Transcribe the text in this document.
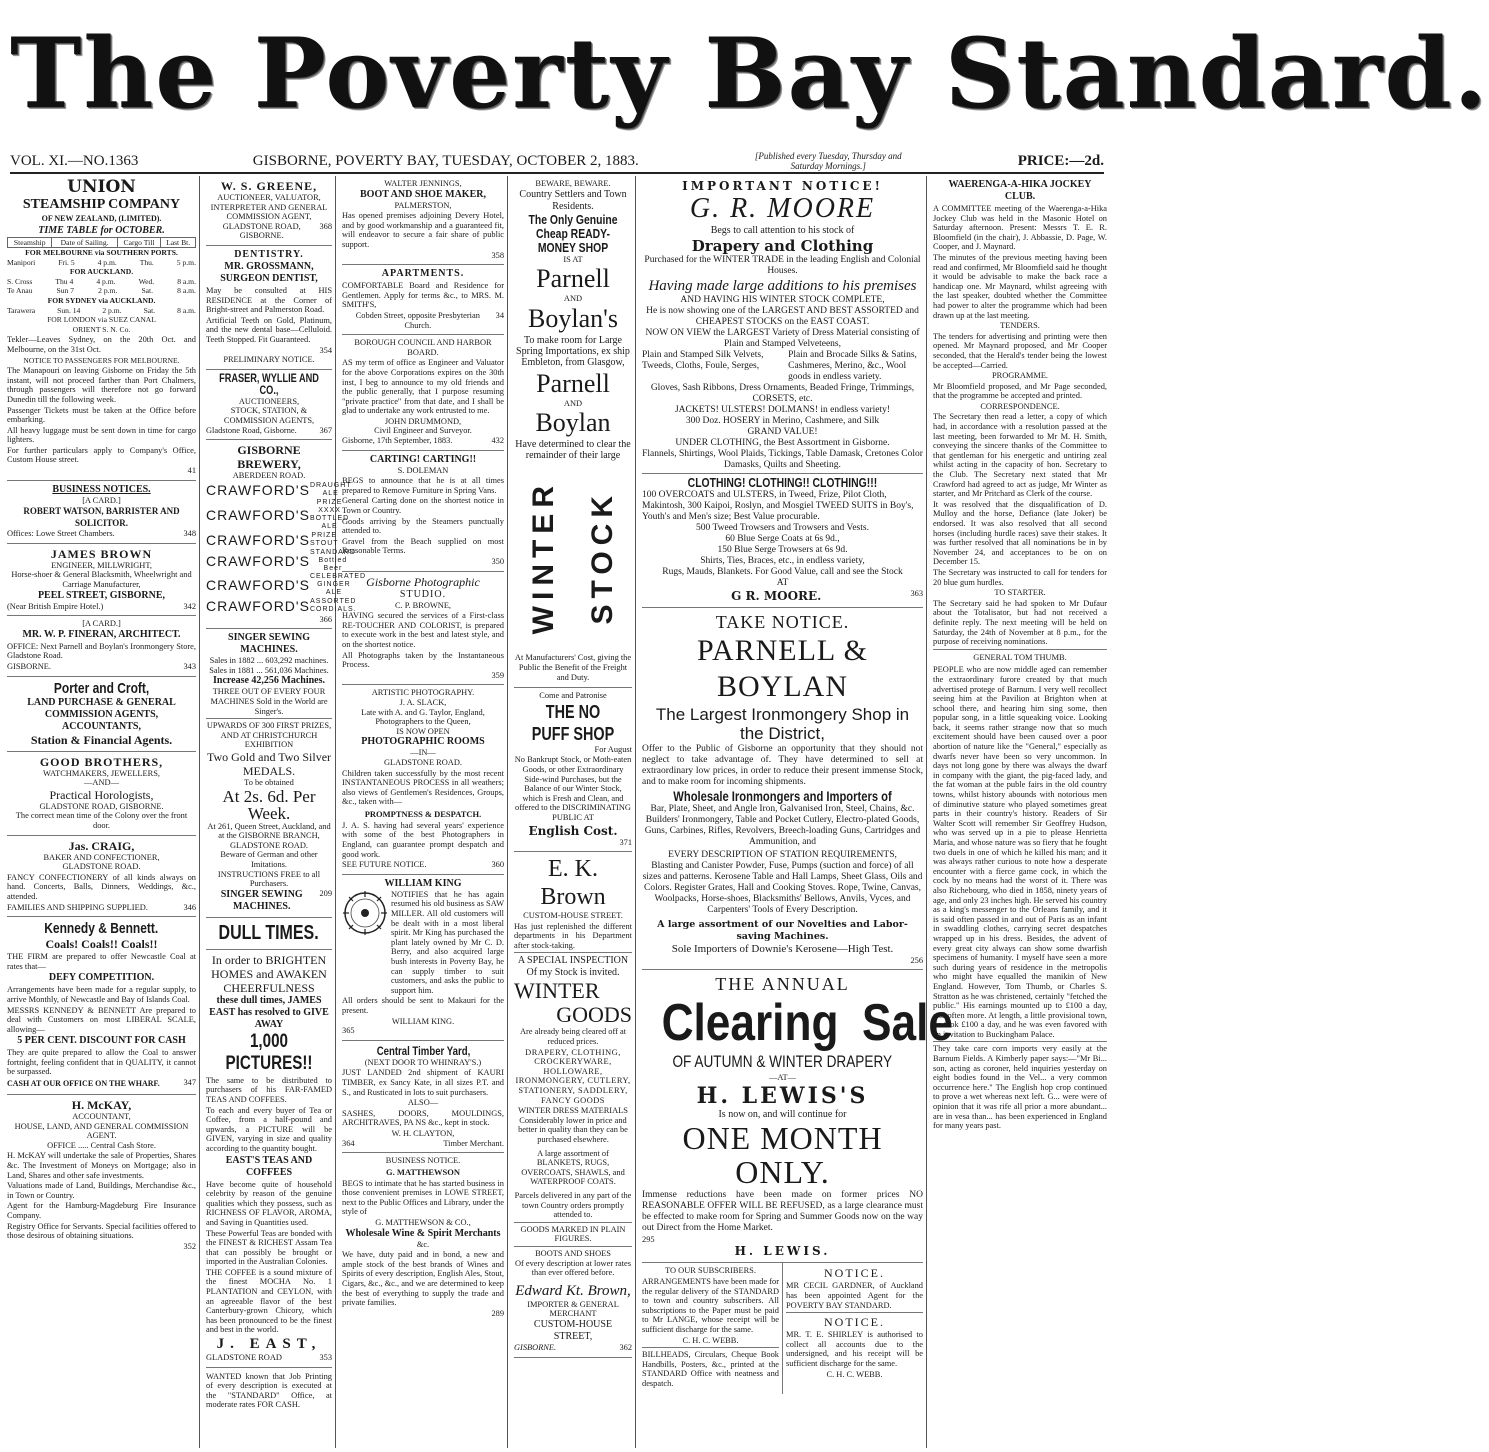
The Poverty Bay Standard.
VOL. XI.—NO.1363	GISBORNE, POVERTY BAY, TUESDAY, OCTOBER 2, 1883.	[Published every Tuesday, Thursday and Saturday Mornings.]	PRICE:—2d.
UNION
STEAMSHIP COMPANY
OF NEW ZEALAND, (LIMITED).
TIME TABLE for OCTOBER.
Steamship	Date of Sailing.	Cargo Till	Last Bt.
FOR MELBOURNE via SOUTHERN PORTS.
Manipori	Fri. 5	4 p.m.	Thu.	5 p.m.
FOR AUCKLAND.
S. Cross	Thu 4	4 p.m.	Wed.	8 a.m.
Te Anau	Sun 7	2 p.m.	Sat.	8 a.m.
FOR SYDNEY via AUCKLAND.
Tarawera	Sun. 14	2 p.m.	Sat.	8 a.m.
FOR LONDON via SUEZ CANAL
ORIENT S. N. Co.

Tekler—Leaves Sydney, on the 20th Oct. and Melbourne, on the 31st Oct.

NOTICE TO PASSENGERS FOR MELBOURNE.

The Manapouri on leaving Gisborne on Friday the 5th instant, will not proceed farther than Port Chalmers, through passengers will therefore not go forward Dunedin till the following week.

Passenger Tickets must be taken at the Office before embarking.

All heavy luggage must be sent down in time for cargo lighters.

For further particulars apply to Company's Office, Custom House street.

41
BUSINESS NOTICES.
[A CARD.]
ROBERT WATSON, BARRISTER AND SOLICITOR.
Offices: Lowe Street Chambers.	348
JAMES BROWN
ENGINEER, MILLWRIGHT,
Horse-shoer & General Blacksmith, Wheelwright and Carriage Manufacturer,
PEEL STREET, GISBORNE,
(Near British Empire Hotel.)	342
[A CARD.]
MR. W. P. FINERAN, ARCHITECT.

OFFICE: Next Parnell and Boylan's Ironmongery Store, Gladstone Road.

GISBORNE.	343
Porter and Croft,
LAND PURCHASE & GENERAL
COMMISSION AGENTS,
ACCOUNTANTS,
Station & Financial Agents.
GOOD BROTHERS,
WATCHMAKERS, JEWELLERS,
—AND—
Practical Horologists,
GLADSTONE ROAD, GISBORNE.
The correct mean time of the Colony over the front door.
Jas. CRAIG,
BAKER AND CONFECTIONER,
GLADSTONE ROAD.

FANCY CONFECTIONERY of all kinds always on hand. Concerts, Balls, Dinners, Weddings, &c., attended.

FAMILIES AND SHIPPING SUPPLIED.	346
Kennedy & Bennett.
Coals! Coals!! Coals!!

THE FIRM are prepared to offer Newcastle Coal at rates that—

DEFY COMPETITION.

Arrangements have been made for a regular supply, to arrive Monthly, of Newcastle and Bay of Islands Coal.

MESSRS KENNEDY & BENNETT Are prepared to deal with Customers on most LIBERAL SCALE, allowing—

5 PER CENT. DISCOUNT FOR CASH

They are quite prepared to allow the Coal to answer fortnight, feeling confident that in QUALITY, it cannot be surpassed.

CASH AT OUR OFFICE ON THE WHARF.	347
H. McKAY,
ACCOUNTANT,
HOUSE, LAND, AND GENERAL COMMISSION AGENT.
OFFICE ..... Central Cash Store.

H. McKAY will undertake the sale of Properties, Shares &c. The Investment of Moneys on Mortgage; also in Land, Shares and other safe investments.

Valuations made of Land, Buildings, Merchandise &c., in Town or Country.

Agent for the Hamburg-Magdeburg Fire Insurance Company.

Registry Office for Servants. Special facilities offered to those desirous of obtaining situations.

352
W. S. GREENE,
AUCTIONEER, VALUATOR,
INTERPRETER AND GENERAL COMMISSION AGENT,
GLADSTONE ROAD, GISBORNE.
368
DENTISTRY.
MR. GROSSMANN, SURGEON DENTIST,

May be consulted at HIS RESIDENCE at the Corner of Bright-street and Palmerston Road.

Artificial Teeth on Gold, Platinum, and the new dental base—Celluloid. Teeth Stopped. Fit Guaranteed.

354
PRELIMINARY NOTICE.
FRASER, WYLLIE AND CO.,
AUCTIONEERS,
STOCK, STATION, & COMMISSION AGENTS,
Gladstone Road, Gisborne.	367
GISBORNE BREWERY,
ABERDEEN ROAD.
CRAWFORD'S DRAUGHT ALE
CRAWFORD'S
PRIZE XXXX BOTTLED ALE
CRAWFORD'S PRIZE STOUT
CRAWFORD'S
STANDARD Bottled Beer
CRAWFORD'S
CELEBRATED GINGER ALE
CRAWFORD'S ASSORTED CORDIALS.
366
SINGER SEWING MACHINES.
Sales in 1882 ... 603,292 machines. Sales in 1881 ... 561,036 Machines.
Increase 42,256 Machines.
THREE OUT OF EVERY FOUR MACHINES Sold in the World are Singer's.
UPWARDS OF 300 FIRST PRIZES, AND AT CHRISTCHURCH EXHIBITION
Two Gold and Two Silver MEDALS.
To be obtained
At 2s. 6d. Per Week.
At 261, Queen Street, Auckland, and at the GISBORNE BRANCH, GLADSTONE ROAD.
Beware of German and other Imitations.
INSTRUCTIONS FREE to all Purchasers.
SINGER SEWING MACHINES.
209
DULL TIMES.
In order to BRIGHTEN HOMES and AWAKEN CHEERFULNESS
these dull times, JAMES EAST has resolved to GIVE AWAY
1,000 PICTURES!!

The same to be distributed to purchasers of his FAR-FAMED TEAS AND COFFEES.

To each and every buyer of Tea or Coffee, from a half-pound and upwards, a PICTURE will be GIVEN, varying in size and quality according to the quantity bought.

EAST'S TEAS AND COFFEES

Have become quite of household celebrity by reason of the genuine qualities which they possess, such as RICHNESS OF FLAVOR, AROMA, and Saving in Quantities used.

These Powerful Teas are bonded with the FINEST & RICHEST Assam Tea that can possibly be brought or imported in the Australian Colonies.

THE COFFEE is a sound mixture of the finest MOCHA No. 1 PLANTATION and CEYLON, with an agreeable flavor of the best Canterbury-grown Chicory, which has been pronounced to be the finest and best in the world.

J. EAST,
GLADSTONE ROAD	353

WANTED known that Job Printing of every description is executed at the "STANDARD" Office, at moderate rates FOR CASH.

WALTER JENNINGS,
BOOT AND SHOE MAKER,
PALMERSTON,

Has opened premises adjoining Devery Hotel, and by good workmanship and a guaranteed fit, will endeavor to secure a fair share of public support.

358
APARTMENTS.

COMFORTABLE Board and Residence for Gentlemen. Apply for terms &c., to MRS. M. SMITH'S,

Cobden Street, opposite Presbyterian Church.
34
BOROUGH COUNCIL AND HARBOR BOARD.

AS my term of office as Engineer and Valuator for the above Corporations expires on the 30th inst, I beg to announce to my old friends and the public generally, that I purpose resuming "private practice" from that date, and I shall be glad to undertake any work entrusted to me.

JOHN DRUMMOND,
Civil Engineer and Surveyor.
Gisborne, 17th September, 1883.	432
CARTING! CARTING!!
S. DOLEMAN

BEGS to announce that he is at all times prepared to Remove Furniture in Spring Vans.

General Carting done on the shortest notice in Town or Country.

Goods arriving by the Steamers punctually attended to.

Gravel from the Beach supplied on most Reasonable Terms.

350
Gisborne Photographic
STUDIO.
C. P. BROWNE,

HAVING secured the services of a First-class RE-TOUCHER AND COLORIST, is prepared to execute work in the best and latest style, and on the shortest notice.

All Photographs taken by the Instantaneous Process.

359
ARTISTIC PHOTOGRAPHY.
J. A. SLACK,
Late with A. and G. Taylor, England, Photographers to the Queen,
IS NOW OPEN
PHOTOGRAPHIC ROOMS
—IN—
GLADSTONE ROAD.

Children taken successfully by the most recent INSTANTANEOUS PROCESS in all weathers; also views of Gentlemen's Residences, Groups, &c., taken with—

PROMPTNESS & DESPATCH.

J. A. S. having had several years' experience with some of the best Photographers in England, can guarantee prompt despatch and good work.

SEE FUTURE NOTICE.	360
WILLIAM KING

NOTIFIES that he has again resumed his old business as SAW MILLER. All old customers will be dealt with in a most liberal spirit. Mr King has purchased the plant lately owned by Mr C. D. Berry, and also acquired large bush interests in Poverty Bay, he can supply timber to suit customers, and asks the public to support him.

All orders should be sent to Makauri for the present.

WILLIAM KING.
365
Central Timber Yard,
(NEXT DOOR TO WHINRAY'S.)

JUST LANDED 2nd shipment of KAURI TIMBER, ex Sancy Kate, in all sizes P.T. and S., and Rusticated in lots to suit purchasers.

ALSO—

SASHES, DOORS, MOULDINGS, ARCHITRAVES, PA NS &c., kept in stock.

W. H. CLAYTON,
364	Timber Merchant.
BUSINESS NOTICE.
G. MATTHEWSON

BEGS to intimate that he has started business in those convenient premises in LOWE STREET, next to the Public Offices and Library, under the style of

G. MATTHEWSON & CO.,
Wholesale Wine & Spirit Merchants
&c.

We have, duty paid and in bond, a new and ample stock of the best brands of Wines and Spirits of every description, English Ales, Stout, Cigars, &c., &c., and we are determined to keep the best of everything to supply the trade and private families.

289
BEWARE, BEWARE.
Country Settlers and Town Residents.
The Only Genuine Cheap READY-MONEY SHOP
IS AT
Parnell
AND
Boylan's

To make room for Large Spring Importations, ex ship Embleton, from Glasgow,

Parnell
AND
Boylan

Have determined to clear the remainder of their large

WINTER STOCK

At Manufacturers' Cost, giving the Public the Benefit of the Freight and Duty.

Come and Patronise
THE NO PUFF SHOP
For August

No Bankrupt Stock, or Moth-eaten Goods, or other Extraordinary Side-wind Purchases, but the Balance of our Winter Stock, which is Fresh and Clean, and offered to the DISCRIMINATING PUBLIC AT

English Cost.
371
E. K. Brown
CUSTOM-HOUSE STREET.

Has just replenished the different departments in his Department after stock-taking.

A SPECIAL INSPECTION Of my Stock is invited.
WINTER
GOODS
Are already being cleared off at reduced prices.

DRAPERY, CLOTHING, CROCKERYWARE, HOLLOWARE, IRONMONGERY, CUTLERY, STATIONERY, SADDLERY, FANCY GOODS

WINTER DRESS MATERIALS
Considerably lower in price and better in quality than they can be purchased elsewhere.
A large assortment of BLANKETS, RUGS, OVERCOATS, SHAWLS, and WATERPROOF COATS.
Parcels delivered in any part of the town Country orders promptly attended to.
GOODS MARKED IN PLAIN FIGURES.
BOOTS AND SHOES
Of every description at lower rates than ever offered before.
Edward Kt. Brown,
IMPORTER & GENERAL MERCHANT
CUSTOM-HOUSE STREET,
GISBORNE.	362
IMPORTANT NOTICE!
G. R. MOORE
Begs to call attention to his stock of
Drapery and Clothing
Purchased for the WINTER TRADE in the leading English and Colonial Houses.
Having made large additions to his premises
AND HAVING HIS WINTER STOCK COMPLETE,
He is now showing one of the LARGEST AND BEST ASSORTED and CHEAPEST STOCKS on the EAST COAST.
NOW ON VIEW the LARGEST Variety of Dress Material consisting of Plain and Stamped Velveteens,
Plain and Stamped Silk Velvets, Tweeds, Cloths, Foule, Serges,
Plain and Brocade Silks & Satins, Cashmeres, Merino, &c., Wool goods in endless variety.
Gloves, Sash Ribbons, Dress Ornaments, Beaded Fringe, Trimmings, CORSETS, etc.
JACKETS! ULSTERS! DOLMANS! in endless variety!
300 Doz. HOSERY in Merino, Cashmere, and Silk
GRAND VALUE!
UNDER CLOTHING, the Best Assortment in Gisborne.
Flannels, Shirtings, Wool Plaids, Tickings, Table Damask, Cretones Color Damasks, Quilts and Sheeting.
CLOTHING! CLOTHING!! CLOTHING!!!
100 OVERCOATS and ULSTERS, in Tweed, Frize, Pilot Cloth, Makintosh, 300 Kaipoi, Roslyn, and Mosgiel TWEED SUITS in Boy's, Youth's and Men's size; Best Value procurable.
500 Tweed Trowsers and Trowsers and Vests.
60 Blue Serge Coats at 6s 9d.,
150 Blue Serge Trowsers at 6s 9d.
Shirts, Ties, Braces, etc., in endless variety,
Rugs, Mauds, Blankets. For Good Value, call and see the Stock
AT
G R. MOORE.	363
TAKE NOTICE.
PARNELL & BOYLAN
The Largest Ironmongery Shop in the District,

Offer to the Public of Gisborne an opportunity that they should not neglect to take advantage of. They have determined to sell at extraordinary low prices, in order to reduce their present immense Stock, and to make room for incoming shipments.

Wholesale Ironmongers and Importers of
Bar, Plate, Sheet, and Angle Iron, Galvanised Iron, Steel, Chains, &c. Builders' Ironmongery, Table and Pocket Cutlery, Electro-plated Goods, Guns, Carbines, Rifles, Revolvers, Breech-loading Guns, Cartridges and Ammunition, and
EVERY DESCRIPTION OF STATION REQUIREMENTS,
Blasting and Canister Powder, Fuse, Pumps (suction and force) of all sizes and patterns. Kerosene Table and Hall Lamps, Sheet Glass, Oils and Colors. Register Grates, Hall and Cooking Stoves. Rope, Twine, Canvas, Woolpacks, Horse-shoes, Blacksmiths' Bellows, Anvils, Vyces, and Carpenters' Tools of Every Description.
A large assortment of our Novelties and Labor-saving Machines.
Sole Importers of Downie's Kerosene—High Test.
256
THE ANNUAL
Clearing Sale
OF AUTUMN & WINTER DRAPERY
—AT—
H. LEWIS'S
Is now on, and will continue for
ONE MONTH ONLY.

Immense reductions have been made on former prices NO REASONABLE OFFER WILL BE REFUSED, as a large clearance must be effected to make room for Spring and Summer Goods now on the way out Direct from the Home Market.

295
H. LEWIS.
TO OUR SUBSCRIBERS.

ARRANGEMENTS have been made for the regular delivery of the STANDARD to town and country subscribers. All subscriptions to the Paper must be paid to Mr LANGE, whose receipt will be sufficient discharge for the same.

C. H. C. WEBB.

BILLHEADS, Circulars, Cheque Book Handbills, Posters, &c., printed at the STANDARD Office with neatness and despatch.

NOTICE.

MR CECIL GARDNER, of Auckland has been appointed Agent for the POVERTY BAY STANDARD.

NOTICE.

MR. T. E. SHIRLEY is authorised to collect all accounts due to the undersigned, and his receipt will be sufficient discharge for the same.

C. H. C. WEBB.
WAERENGA-A-HIKA JOCKEY CLUB.

A COMMITTEE meeting of the Waerenga-a-Hika Jockey Club was held in the Masonic Hotel on Saturday afternoon. Present: Messrs T. E. R. Bloomfield (in the chair), J. Abbassie, D. Page, W. Cooper, and J. Maynard.

The minutes of the previous meeting having been read and confirmed, Mr Bloomfield said he thought it would be advisable to make the back race a handicap one. Mr Maynard, whilst agreeing with the last speaker, doubted whether the Committee had power to alter the programme which had been drawn up at the last meeting.

TENDERS.

The tenders for advertising and printing were then opened. Mr Maynard proposed, and Mr Cooper seconded, that the Herald's tender being the lowest be accepted—Carried.

PROGRAMME.

Mr Bloomfield proposed, and Mr Page seconded, that the programme be accepted and printed.

CORRESPONDENCE.

The Secretary then read a letter, a copy of which had, in accordance with a resolution passed at the last meeting, been forwarded to Mr M. H. Smith, conveying the sincere thanks of the Committee to that gentleman for his energetic and untiring zeal whilst acting in the capacity of hon. Secretary to the Club. The Secretary next stated that Mr Crawford had agreed to act as judge, Mr Winter as starter, and Mr Pritchard as Clerk of the course.

It was resolved that the disqualification of D. Mulloy and the horse, Defiance (late Joker) be endorsed. It was also resolved that all second horses (including hurdle races) save their stakes. It was further resolved that all nominations be in by November 24, and acceptances to be on on December 15.

The Secretary was instructed to call for tenders for 20 blue gum hurdles.

TO STARTER.

The Secretary said he had spoken to Mr Dufaur about the Totalisator, but had not received a definite reply. The next meeting will be held on Saturday, the 24th of November at 8 p.m., for the purpose of receiving nominations.

GENERAL TOM THUMB.

PEOPLE who are now middle aged can remember the extraordinary furore created by that much advertised protege of Barnum. I very well recollect seeing him at the Pavilion at Brighton when at school there, and hearing him sing some, then popular song, in a little squeaking voice. Looking back, it seems rather strange now that so much excitement should have been caused over a poor abortion of nature like the "General," especially as dwarfs never have been so very uncommon. In days not long gone by there was always the dwarf in company with the giant, the pig-faced lady, and the fat woman at the puble fairs in the old country towns, whilst history abounds with notorious men of diminutive stature who played sometimes great parts in their country's history. Readers of Sir Walter Scott will remember Sir Geoffrey Hudson, who was served up in a pie to please Henrietta Maria, and whose nature was so fiery that he fought two duels in one of which he killed his man; and it was always rather curious to note how a desperate encounter with a fierce game cock, in which the cock by no means had the worst of it. There was also Richebourg, who died in 1858, ninety years of age, and only 23 inches high. He served his country as a king's messenger to the Orleans family, and it is said often passed in and out of Paris as an infant in swaddling clothes, carrying secret despatches wrapped up in his dress. Besides, the advent of every great city always can show some dwarfish specimens of humanity. I myself have seen a more such during years of residence in the metropolis who might have equalled the manikin of New England. However, Tom Thumb, or Charles S. Stratton as he was christened, certainly "fetched the public." His earnings mounted up to £100 a day, and often more. At length, a little provisional town, he took £100 a day, and he was even favored with an invitation to Buckingham Palace.

They take care corn imports very easily at the Barnum Fields. A Kimberly paper says:—"Mr Bi... son, acting as coroner, held inquiries yesterday on eight bodies found in the Vel... a very common occurrence here." The English hop crop continued to prove a wet whereas next left. G... were were of opinion that it was rife all prior a more abundant... are in vesa than... has been experienced in England for many years past.
